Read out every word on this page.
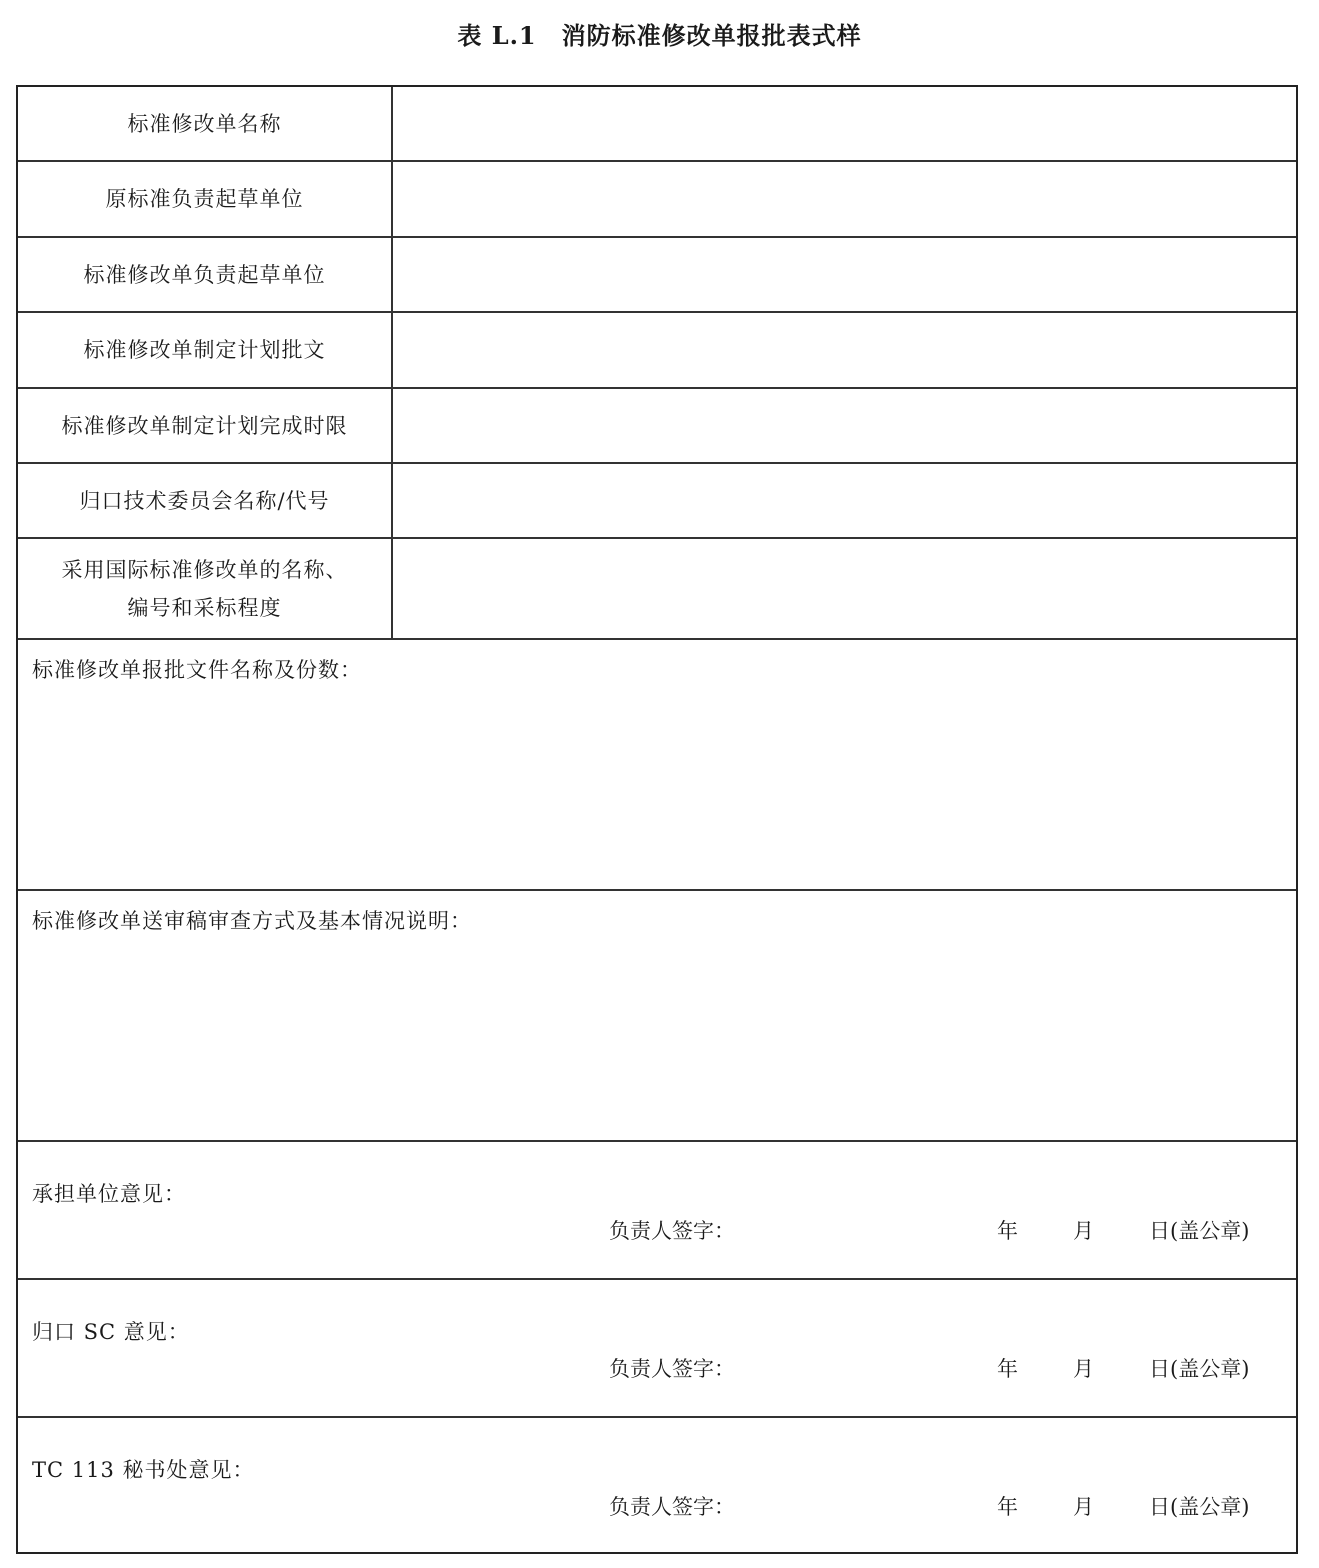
表 L.1　消防标准修改单报批表式样
标准修改单名称
原标准负责起草单位
标准修改单负责起草单位
标准修改单制定计划批文
标准修改单制定计划完成时限
归口技术委员会名称/代号
采用国际标准修改单的名称、
编号和采标程度
标准修改单报批文件名称及份数：
标准修改单送审稿审查方式及基本情况说明：
承担单位意见：
负责人签字：	年	月	日(盖公章)
归口 SC 意见：
负责人签字：	年	月	日(盖公章)
TC 113 秘书处意见：
负责人签字：	年	月	日(盖公章)
